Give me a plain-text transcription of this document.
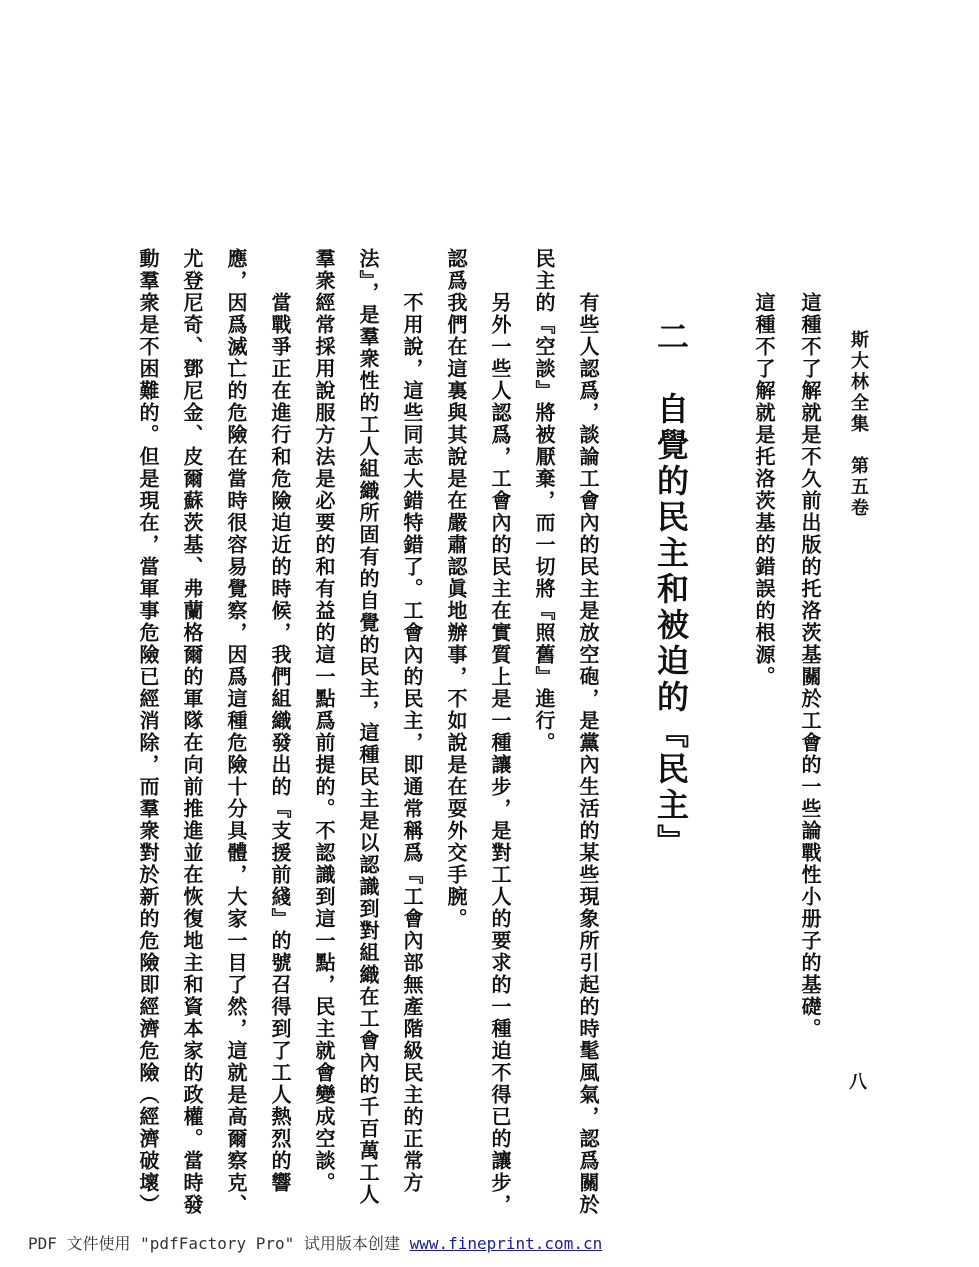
斯大林全集　第五卷
八
這種不了解就是不久前出版的托洛茨基關於工會的一些論戰性小册子的基礎。
這種不了解就是托洛茨基的錯誤的根源。
二　自覺的民主和被迫的『民主』
有些人認爲，談論工會內的民主是放空砲，是黨內生活的某些現象所引起的時髦風氣，認爲關於
民主的『空談』將被厭棄，而一切將『照舊』進行。
另外一些人認爲，工會內的民主在實質上是一種讓步，是對工人的要求的一種迫不得已的讓步，
認爲我們在這裏與其說是在嚴肅認眞地辦事，不如說是在耍外交手腕。
不用說，這些同志大錯特錯了。工會內的民主，即通常稱爲『工會內部無產階級民主的正常方
法』，是羣衆性的工人組織所固有的自覺的民主，這種民主是以認識到對組織在工會內的千百萬工人
羣衆經常採用說服方法是必要的和有益的這一點爲前提的。不認識到這一點，民主就會變成空談。
當戰爭正在進行和危險迫近的時候，我們組織發出的『支援前綫』的號召得到了工人熱烈的響
應，因爲滅亡的危險在當時很容易覺察，因爲這種危險十分具體，大家一目了然，這就是高爾察克、
尤登尼奇、鄧尼金、皮爾蘇茨基、弗蘭格爾的軍隊在向前推進並在恢復地主和資本家的政權。當時發
動羣衆是不困難的。但是現在，當軍事危險已經消除，而羣衆對於新的危險即經濟危險（經濟破壞）
PDF 文件使用 "pdfFactory Pro" 试用版本创建 www.fineprint.com.cn
